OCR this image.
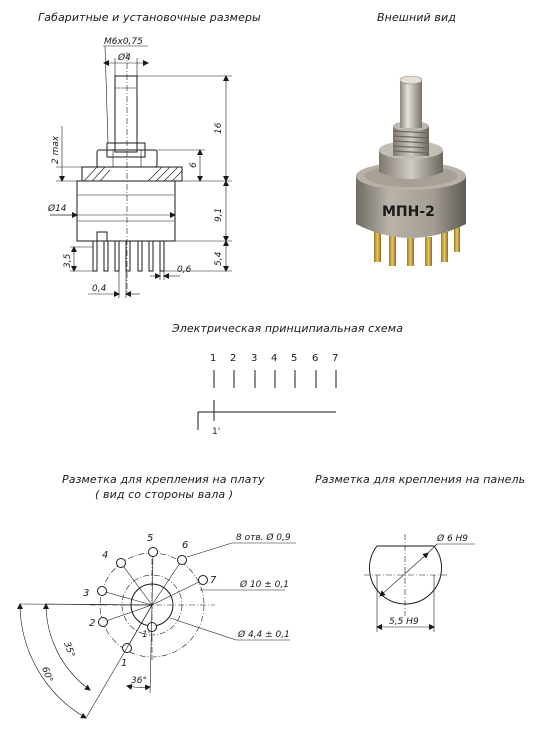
Габаритные и установочные размеры	Внешний вид
Электрическая принципиальная схема
Разметка для крепления на плату
( вид со стороны вала )
Разметка для крепления на панель
M6x0,75
Ø4
16
6
9,1
5,4
2 max
Ø14
3,5
0,6
0,4
МПН-2
1 2 3 4 5 6 7
1'
1
2
3
4
5
6
7
1'
8 отв. Ø 0,9
Ø 10 ± 0,1
Ø 4,4 ± 0,1
60°
35°
36°
Ø 6 H9
5,5 H9
